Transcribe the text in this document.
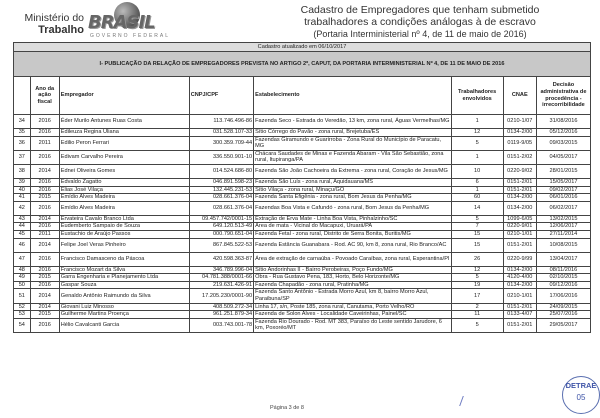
Ministério do
Trabalho BRASIL
GOVERNO FEDERAL
Cadastro de Empregadores que tenham submetido
trabalhadores a condições análogas à de escravo
(Portaria Interministerial nº 4, de 11 de maio de 2016)
Cadastro atualizado em 06/10/2017							
I- PUBLICAÇÃO DA RELAÇÃO DE EMPREGADORES PREVISTA NO ARTIGO 2º, CAPUT, DA PORTARIA INTERMINISTERIAL Nº 4, DE 11 DE MAIO DE 2016							
	Ano da ação fiscal	Empregador	CNPJ/CPF	Estabelecimento	Trabalhadores envolvidos	CNAE	Decisão administrativa de procedência - irrecorribilidade
34	2016	Éder Murilo Antunes Ruas Costa	113.746.496-86	Fazenda Seco - Estrada do Veredão, 13 km, zona rural, Águas Vermelhas/MG	1	0210-1/07	31/08/2016
35	2016	Edileuza Regina Uliana	031.528.107-33	Sítio Córrego do Pavão - zona rural, Brejetuba/ES	12	0134-2/00	05/12/2016
36	2011	Edilio Peron Ferrari	300.359.709-44	Fazendas Giramundo e Guarirroba - Zona Rural do Município de Paracatu, MG	5	0119-9/05	09/03/2015
37	2016	Edivam Carvalho Pereira	336.550.901-10	Chácara Saudades de Minas e Fazenda Abaram - Vila São Sebastião, zona rural, Itupiranga/PA	1	0151-2/02	04/05/2017
38	2014	Ednei Oliveira Gomes	014.524.686-80	Fazenda São João Cachoeira da Extrema - zona rural, Coração de Jesus/MG	10	0220-9/02	28/01/2015
39	2016	Edvaldo Zagatto	046.891.598-23	Fazenda São Luís - zona rural, Aquidauana/MS	6	0151-2/01	15/05/2017
40	2016	Elias José Vilaça	132.445.231-53	Sítio Vilaça - zona rural, Minaçu/GO	1	0151-2/01	09/02/2017
41	2015	Emídio Alves Madeira	028.661.376-04	Fazenda Santa Efigênia - zona rural, Bom Jesus da Penha/MG	60	0134-2/00	06/01/2016
42	2016	Emídio Alves Madeira	028.661.376-04	Fazendas Boa Vista e Cafundó - zona rural, Bom Jesus da Penha/MG	14	0134-2/00	06/02/2017
43	2014	Ervateira Cavalo Branco Ltda	09.457.742/0001-15	Extração de Erva Mate - Linha Boa Vista, Pinhalzinho/SC	5	1099-6/05	13/02/2015
44	2016	Eudemberto Sampaio de Souza	649.120.513-49	Área de mata - Vicinal do Macapuxi, Uruará/PA	7	0220-9/01	12/06/2017
45	2011	Eustachio de Araújo Passos	000.790.651-04	Fazenda Fetal - zona rural, Distrito de Serra Bonita, Buritis/MG	15	0210-1/01	27/11/2014
46	2014	Felipe Joel Veras Pinheiro	867.845.522-53	Fazenda Estância Guanabara - Rod. AC 90, km 8, zona rural, Rio Branco/AC	15	0151-2/01	10/08/2015
47	2016	Francisco Damasceno da Páscoa	420.598.363-87	Área de extração de carnaúba - Povoado Caraíbas, zona rural, Esperantina/PI	26	0220-9/99	13/04/2017
48	2016	Francisco Mozart da Silva	346.789.996-04	Sítio Andorinhas II - Bairro Perobeiras, Poço Fundo/MG	12	0134-2/00	08/11/2016
49	2015	Garra Engenharia e Planejamento Ltda	04.781.388/0001-66	Obra - Rua Gustavo Pena, 183, Horto, Belo Horizonte/MG	5	4120-4/00	02/10/2015
50	2016	Gaspar Souza	219.631.426-91	Fazenda Chapadão - zona rural, Pratinha/MG	19	0134-2/00	09/12/2016
51	2014	Genaldo Antônio Raimundo da Silva	17.205.230/0001-90	Fazenda Santo Antônio - Estrada Morro Azul, km 8, bairro Morro Azul, Paraibuna/SP	17	0210-1/01	17/06/2016
52	2014	Giovani Luiz Minosso	408.509.272-34	Linha 17, s/n, Poste 185, zona rural, Canutama, Porto Velho/RO	2	0151-2/01	24/09/2015
53	2015	Guilherme Martins Proença	961.251.879-34	Fazenda de Solon Alves - Localidade Caveirinhas, Painel/SC	11	0133-4/07	25/07/2016
54	2016	Hélio Cavalcanti Garcia	003.743.001-78	Fazenda Rio Dourado - Rod. MT 383, Paraíso do Leste sentido Jarudore, 6 km, Poxoréo/MT	5	0151-2/01	29/05/2017
Página 3 de 8
DETRAE
05
